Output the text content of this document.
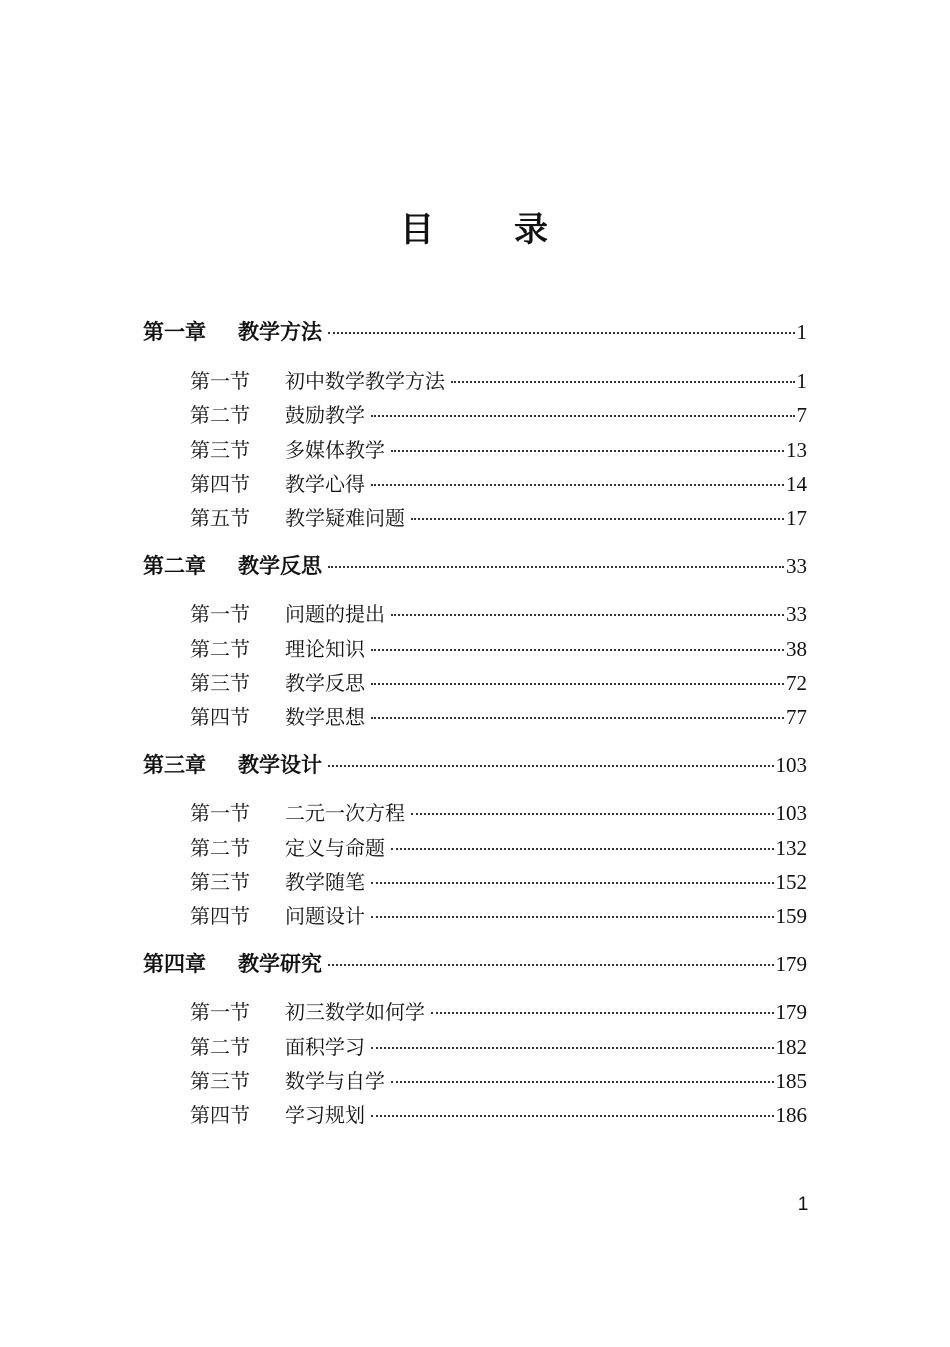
目 录
第一章	教学方法	1
第一节	初中数学教学方法	1
第二节	鼓励教学	7
第三节	多媒体教学	13
第四节	教学心得	14
第五节	教学疑难问题	17
第二章	教学反思	33
第一节	问题的提出	33
第二节	理论知识	38
第三节	教学反思	72
第四节	数学思想	77
第三章	教学设计	103
第一节	二元一次方程	103
第二节	定义与命题	132
第三节	教学随笔	152
第四节	问题设计	159
第四章	教学研究	179
第一节	初三数学如何学	179
第二节	面积学习	182
第三节	数学与自学	185
第四节	学习规划	186
1
